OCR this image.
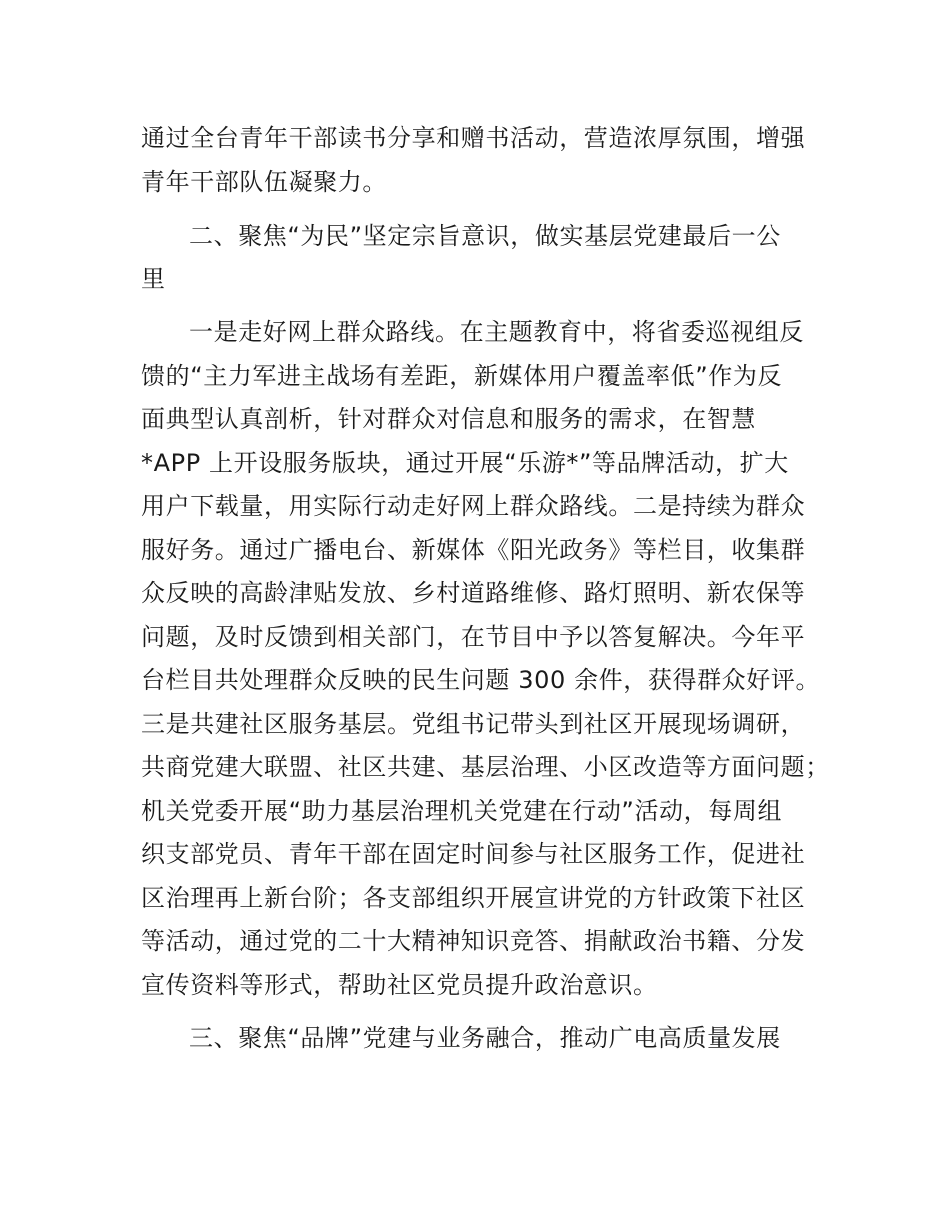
通过全台青年干部读书分享和赠书活动，营造浓厚氛围，增强
青年干部队伍凝聚力。
二、聚焦“为民”坚定宗旨意识，做实基层党建最后一公
里
一是走好网上群众路线。在主题教育中，将省委巡视组反
馈的“主力军进主战场有差距，新媒体用户覆盖率低”作为反
面典型认真剖析，针对群众对信息和服务的需求，在智慧
*APP 上开设服务版块，通过开展“乐游*”等品牌活动，扩大
用户下载量，用实际行动走好网上群众路线。二是持续为群众
服好务。通过广播电台、新媒体《阳光政务》等栏目，收集群
众反映的高龄津贴发放、乡村道路维修、路灯照明、新农保等
问题，及时反馈到相关部门，在节目中予以答复解决。今年平
台栏目共处理群众反映的民生问题 300 余件，获得群众好评。
三是共建社区服务基层。党组书记带头到社区开展现场调研，
共商党建大联盟、社区共建、基层治理、小区改造等方面问题；
机关党委开展“助力基层治理机关党建在行动”活动，每周组
织支部党员、青年干部在固定时间参与社区服务工作，促进社
区治理再上新台阶；各支部组织开展宣讲党的方针政策下社区
等活动，通过党的二十大精神知识竞答、捐献政治书籍、分发
宣传资料等形式，帮助社区党员提升政治意识。
三、聚焦“品牌”党建与业务融合，推动广电高质量发展
